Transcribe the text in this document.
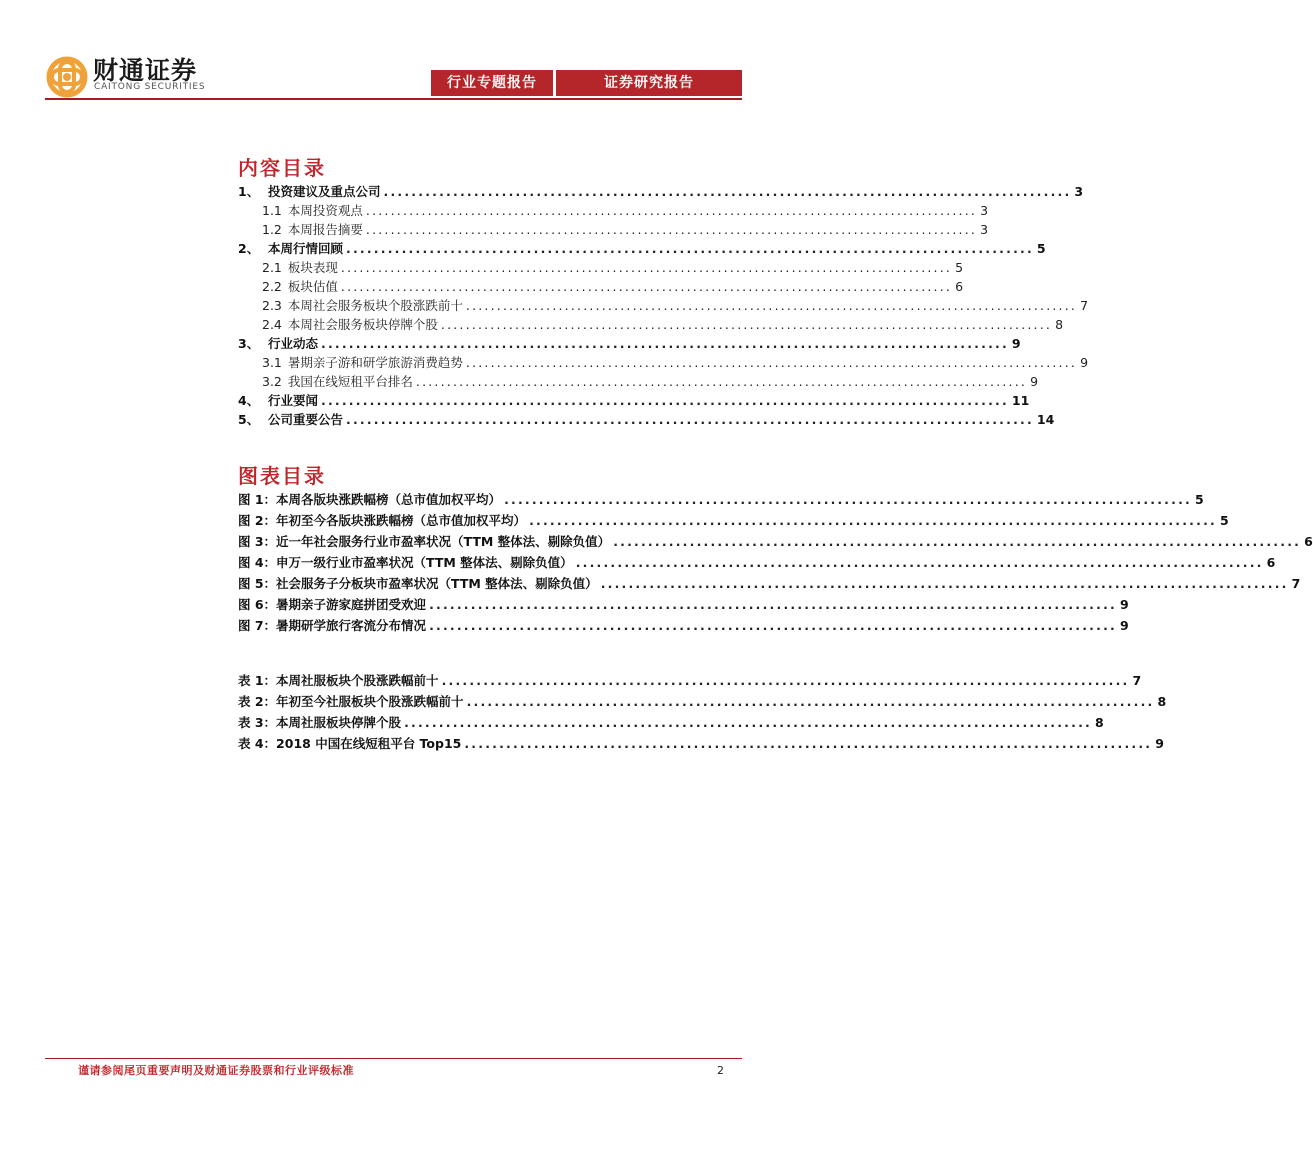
财通证券
CAITONG SECURITIES	行业专题报告	证券研究报告
内容目录
1、 投资建议及重点公司 ................................................................................................... 3
1.1 本周投资观点 ................................................................................................... 3
1.2 本周报告摘要 ................................................................................................... 3
2、 本周行情回顾 ................................................................................................... 5
2.1 板块表现 ................................................................................................... 5
2.2 板块估值 ................................................................................................... 6
2.3 本周社会服务板块个股涨跌前十 ................................................................................................... 7
2.4 本周社会服务板块停牌个股 ................................................................................................... 8
3、 行业动态 ................................................................................................... 9
3.1 暑期亲子游和研学旅游消费趋势 ................................................................................................... 9
3.2 我国在线短租平台排名 ................................................................................................... 9
4、 行业要闻 ................................................................................................... 11
5、 公司重要公告 ................................................................................................... 14
图表目录
图 1：本周各版块涨跌幅榜（总市值加权平均） ................................................................................................... 5
图 2：年初至今各版块涨跌幅榜（总市值加权平均） ................................................................................................... 5
图 3：近一年社会服务行业市盈率状况（TTM 整体法、剔除负值） ................................................................................................... 6
图 4：申万一级行业市盈率状况（TTM 整体法、剔除负值） ................................................................................................... 6
图 5：社会服务子分板块市盈率状况（TTM 整体法、剔除负值） ................................................................................................... 7
图 6：暑期亲子游家庭拼团受欢迎 ................................................................................................... 9
图 7：暑期研学旅行客流分布情况 ................................................................................................... 9
表 1：本周社服板块个股涨跌幅前十 ................................................................................................... 7
表 2：年初至今社服板块个股涨跌幅前十 ................................................................................................... 8
表 3：本周社服板块停牌个股 ................................................................................................... 8
表 4：2018 中国在线短租平台 Top15 ................................................................................................... 9
谨请参阅尾页重要声明及财通证券股票和行业评级标准	2
